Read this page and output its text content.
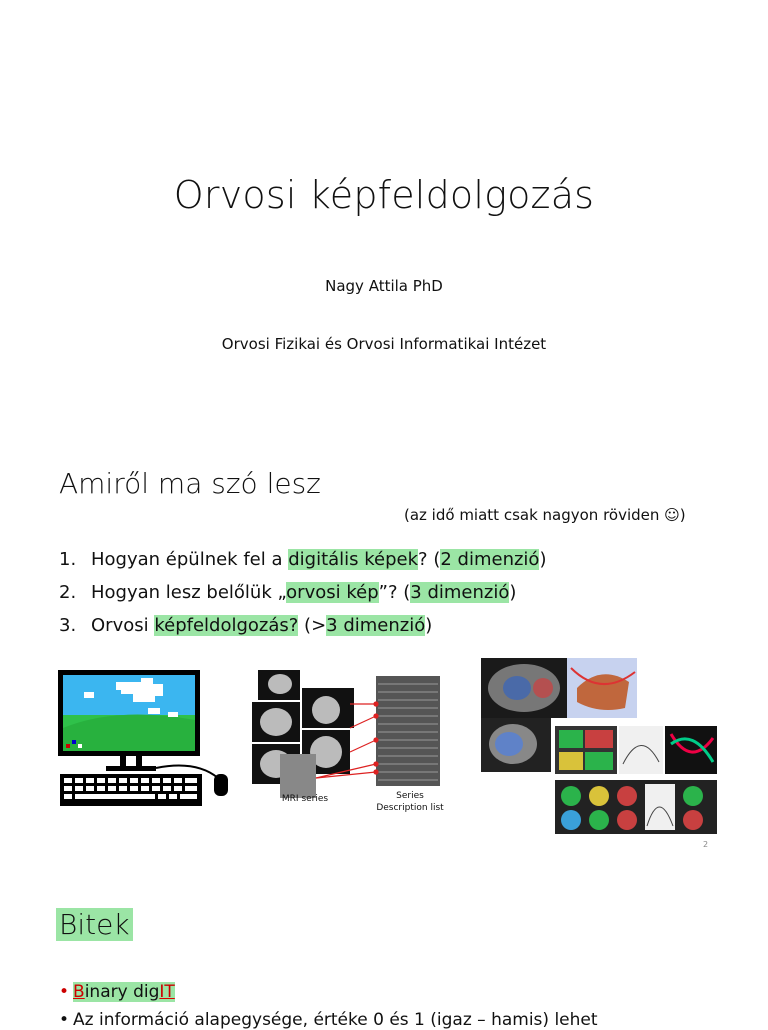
Orvosi képfeldolgozás
Nagy Attila PhD
Orvosi Fizikai és Orvosi Informatikai Intézet
Amiről ma szó lesz
(az idő miatt csak nagyon röviden ☺)
1. Hogyan épülnek fel a digitális képek? (2 dimenzió)
2. Hogyan lesz belőlük „orvosi kép”? (3 dimenzió)
3. Orvosi képfeldolgozás? (>3 dimenzió)
MRI series	Series
Description list
2
Bitek
• Binary digIT
• Az információ alapegysége, értéke 0 és 1 (igaz – hamis) lehet
